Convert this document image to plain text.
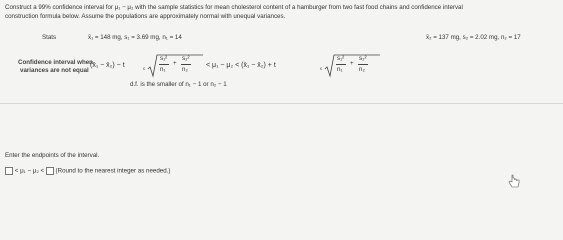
Construct a 99% confidence interval for μ₁ − μ₂ with the sample statistics for mean cholesterol content of a hamburger from two fast food chains and confidence interval
construction formula below. Assume the populations are approximately normal with unequal variances.
Stats	x̄₁ = 148 mg, s₁ = 3.69 mg, n₁ = 14	x̄₂ = 137 mg, s₂ = 2.02 mg, n₂ = 17
Confidence interval when
variances are not equal
(x̄₁ − x̄₂) − t	c
s₁²
n₁
+
s₂²
n₂
< μ₁ − μ₂ < (x̄₁ − x̄₂) + t	c
s₁²
n₁
+
s₂²
n₂
d.f. is the smaller of n₁ − 1 or n₂ − 1
Enter the endpoints of the interval.
< μ₁ − μ₂ < (Round to the nearest integer as needed.)
